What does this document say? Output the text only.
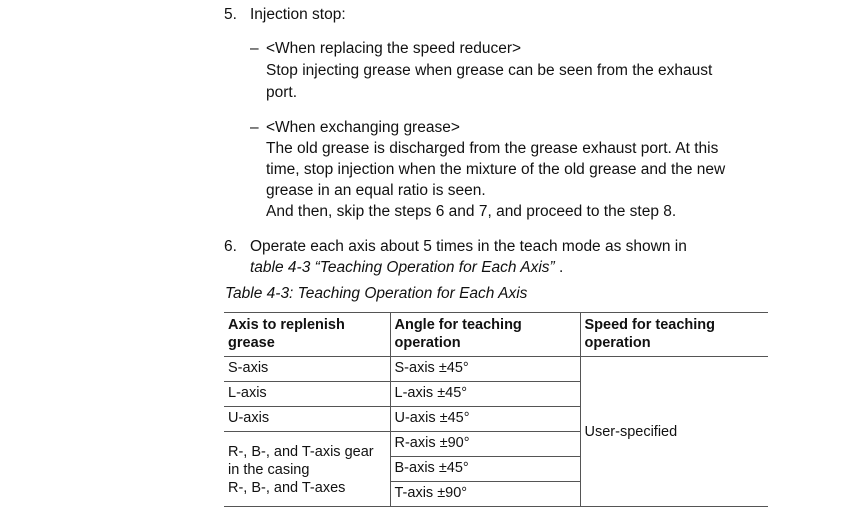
5. Injection stop:
– <When replacing the speed reducer>
Stop injecting grease when grease can be seen from the exhaust
port.
– <When exchanging grease>
The old grease is discharged from the grease exhaust port. At this
time, stop injection when the mixture of the old grease and the new
grease in an equal ratio is seen.
And then, skip the steps 6 and 7, and proceed to the step 8.
6. Operate each axis about 5 times in the teach mode as shown in
table 4-3 “Teaching Operation for Each Axis” .
Table 4-3: Teaching Operation for Each Axis
Axis to replenish
grease	Angle for teaching
operation	Speed for teaching
operation
S-axis	S-axis ±45°	User-specified
L-axis	L-axis ±45°	
U-axis	U-axis ±45°	
R-, B-, and T-axis gear
in the casing
R-, B-, and T-axes	R-axis ±90°	
	B-axis ±45°	
	T-axis ±90°	
